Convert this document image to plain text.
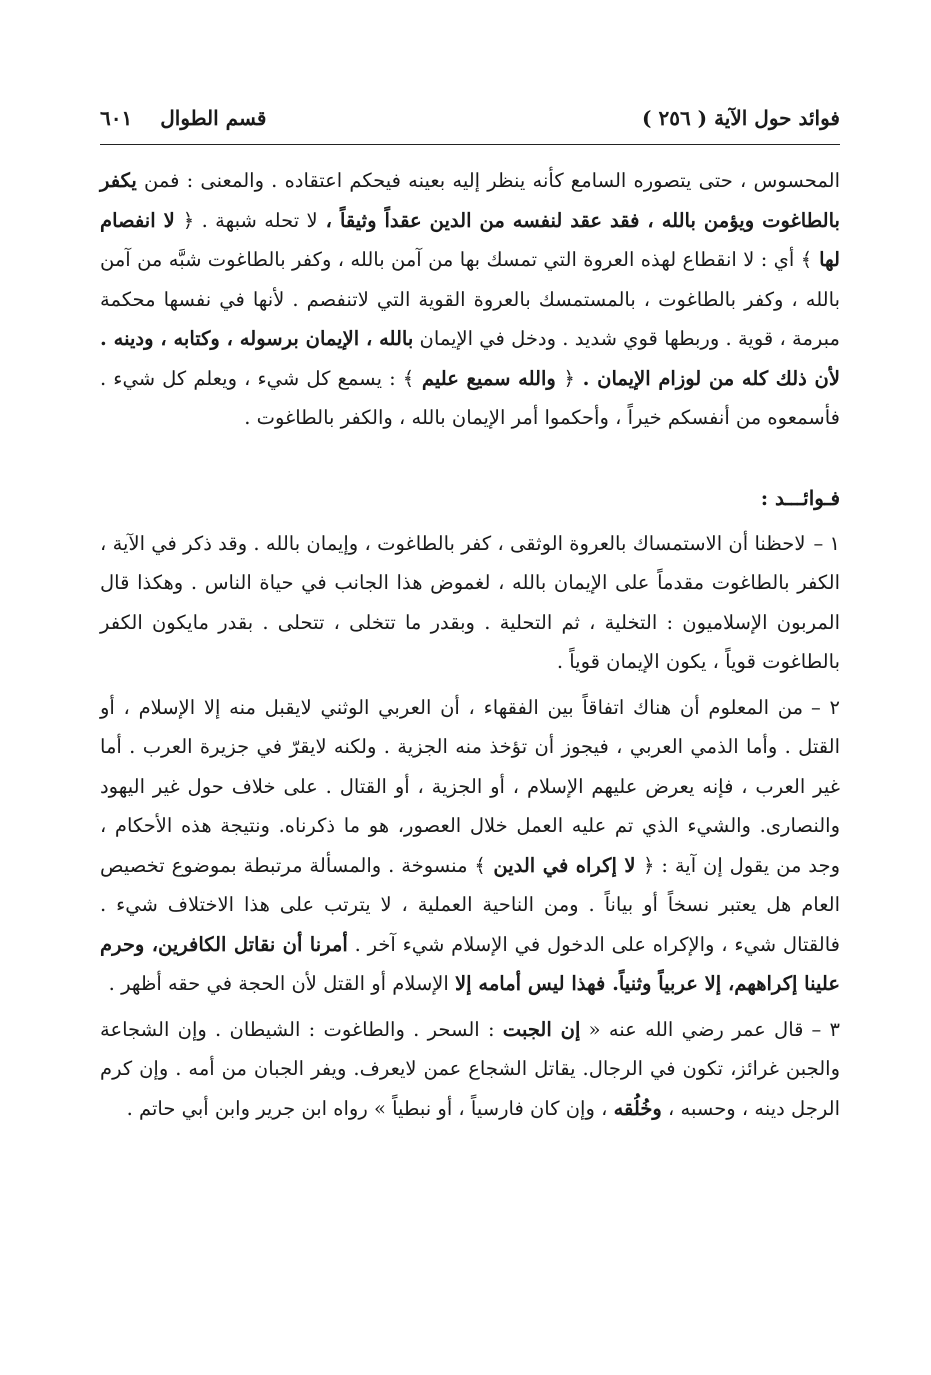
فوائد حول الآية ( ٢٥٦ )
قسم الطوال٦٠١

المحسوس ، حتى يتصوره السامع كأنه ينظر إليه بعينه فيحكم اعتقاده . والمعنى : فمن يكفر بالطاغوت ويؤمن بالله ، فقد عقد لنفسه من الدين عقداً وثيقاً ، لا تحله شبهة . ﴿ لا انفصام لها ﴾ أي : لا انقطاع لهذه العروة التي تمسك بها من آمن بالله ، وكفر بالطاغوت شبَّه من آمن بالله ، وكفر بالطاغوت ، بالمستمسك بالعروة القوية التي لاتنفصم . لأنها في نفسها محكمة مبرمة ، قوية . وربطها قوي شديد . ودخل في الإيمان بالله ، الإيمان برسوله ، وكتابه ، ودينه . لأن ذلك كله من لوزام الإيمان . ﴿ والله سميع عليم ﴾ : يسمع كل شيء ، ويعلم كل شيء . فأسمعوه من أنفسكم خيراً ، وأحكموا أمر الإيمان بالله ، والكفر بالطاغوت .

فـوائـــد :

١ –لاحظنا أن الاستمساك بالعروة الوثقى ، كفر بالطاغوت ، وإيمان بالله . وقد ذكر في الآية ، الكفر بالطاغوت مقدماً على الإيمان بالله ، لغموض هذا الجانب في حياة الناس . وهكذا قال المربون الإسلاميون : التخلية ، ثم التحلية . وبقدر ما تتخلى ، تتحلى . بقدر مايكون الكفر بالطاغوت قوياً ، يكون الإيمان قوياً .

٢ –من المعلوم أن هناك اتفاقاً بين الفقهاء ، أن العربي الوثني لايقبل منه إلا الإسلام ، أو القتل . وأما الذمي العربي ، فيجوز أن تؤخذ منه الجزية . ولكنه لايقرّ في جزيرة العرب . أما غير العرب ، فإنه يعرض عليهم الإسلام ، أو الجزية ، أو القتال . على خلاف حول غير اليهود والنصارى. والشيء الذي تم عليه العمل خلال العصور، هو ما ذكرناه. ونتيجة هذه الأحكام ، وجد من يقول إن آية : ﴿ لا إكراه في الدين ﴾ منسوخة . والمسألة مرتبطة بموضوع تخصيص العام هل يعتبر نسخاً أو بياناً . ومن الناحية العملية ، لا يترتب على هذا الاختلاف شيء . فالقتال شيء ، والإكراه على الدخول في الإسلام شيء آخر . أمرنا أن نقاتل الكافرين، وحرم علينا إكراههم، إلا عربياً وثنياً. فهذا ليس أمامه إلا الإسلام أو القتل لأن الحجة في حقه أظهر .

٣ –قال عمر رضي الله عنه « إن الجبت : السحر . والطاغوت : الشيطان . وإن الشجاعة والجبن غرائز، تكون في الرجال. يقاتل الشجاع عمن لايعرف. ويفر الجبان من أمه . وإن كرم الرجل دينه ، وحسبه ، وخُلُقه ، وإن كان فارسياً ، أو نبطياً » رواه ابن جرير وابن أبي حاتم .
